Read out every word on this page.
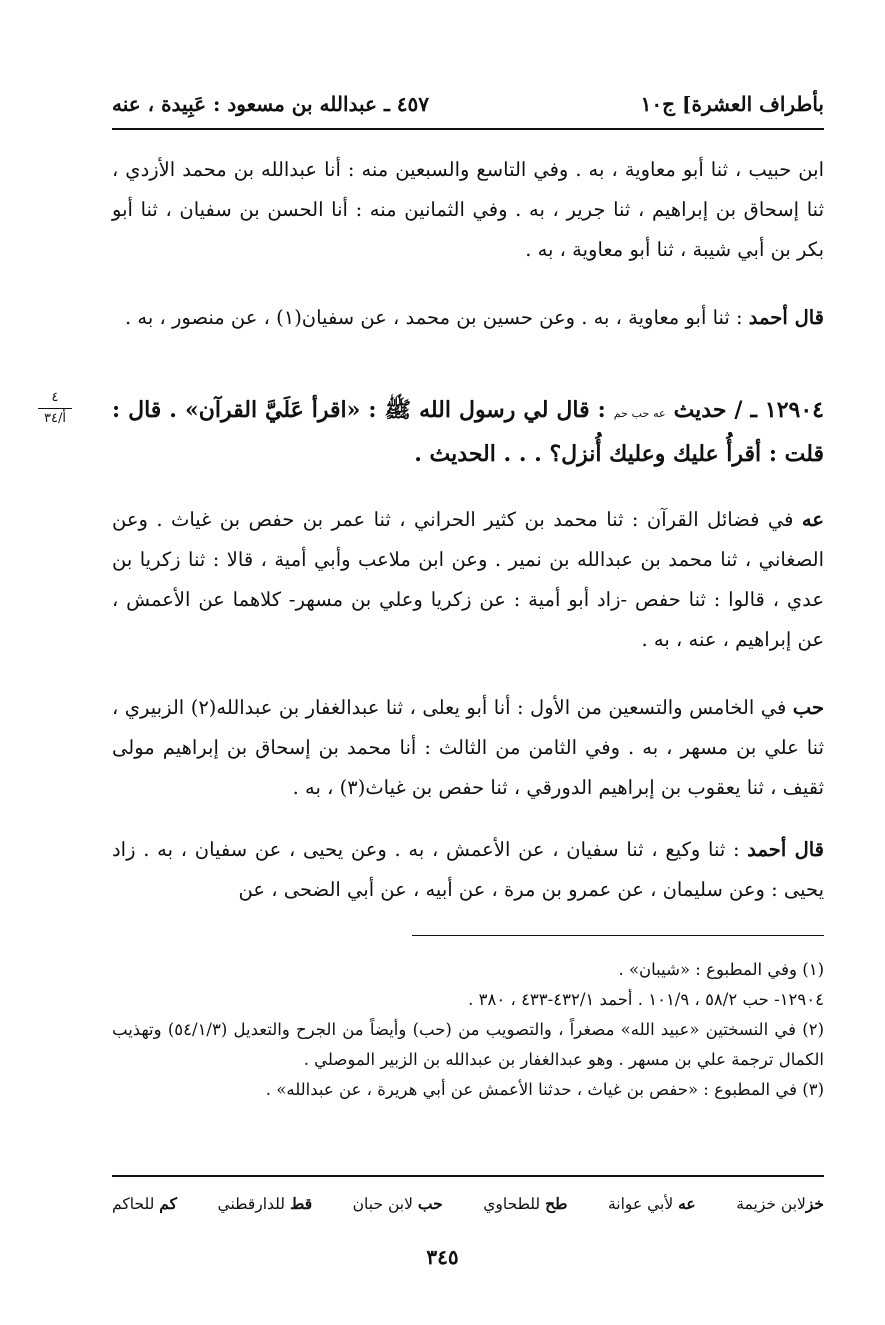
بأطراف العشرة] ج١٠
٤٥٧ ـ عبدالله بن مسعود : عَبِيدة ، عنه
ابن حبيب ، ثنا أبو معاوية ، به . وفي التاسع والسبعين منه : أنا عبدالله بن محمد الأزدي ، ثنا إسحاق بن إبراهيم ، ثنا جرير ، به . وفي الثمانين منه : أنا الحسن بن سفيان ، ثنا أبو بكر بن أبي شيبة ، ثنا أبو معاوية ، به .
قال أحمد : ثنا أبو معاوية ، به . وعن حسين بن محمد ، عن سفيان(١) ، عن منصور ، به .
٤
أ/٣٤	١٢٩٠٤ ـ / حديث عه حب حم : قال لي رسول الله ﷺ : «اقرأ عَلَيَّ القرآن» . قال : قلت : أقرأُ عليك وعليك أُنزل؟ . . . الحديث .
عه في فضائل القرآن : ثنا محمد بن كثير الحراني ، ثنا عمر بن حفص بن غياث . وعن الصغاني ، ثنا محمد بن عبدالله بن نمير . وعن ابن ملاعب وأبي أمية ، قالا : ثنا زكريا بن عدي ، قالوا : ثنا حفص -زاد أبو أمية : عن زكريا وعلي بن مسهر- كلاهما عن الأعمش ، عن إبراهيم ، عنه ، به .
حب في الخامس والتسعين من الأول : أنا أبو يعلى ، ثنا عبدالغفار بن عبدالله(٢) الزبيري ، ثنا علي بن مسهر ، به . وفي الثامن من الثالث : أنا محمد بن إسحاق بن إبراهيم مولى ثقيف ، ثنا يعقوب بن إبراهيم الدورقي ، ثنا حفص بن غياث(٣) ، به .
قال أحمد : ثنا وكيع ، ثنا سفيان ، عن الأعمش ، به . وعن يحيى ، عن سفيان ، به . زاد يحيى : وعن سليمان ، عن عمرو بن مرة ، عن أبيه ، عن أبي الضحى ، عن

(١) وفي المطبوع : «شيبان» .

١٢٩٠٤- حب ٥٨/٢ ، ١٠١/٩ . أحمد ٤٣٢/١-٤٣٣ ، ٣٨٠ .

(٢) في النسختين «عبيد الله» مصغراً ، والتصويب من (حب) وأيضاً من الجرح والتعديل (٥٤/١/٣) وتهذيب الكمال ترجمة علي بن مسهر . وهو عبدالغفار بن عبدالله بن الزبير الموصلي .

(٣) في المطبوع : «حفص بن غياث ، حدثنا الأعمش عن أبي هريرة ، عن عبدالله» .

خزلابن خزيمة
عه لأبي عوانة
طح للطحاوي
حب لابن حبان
قط للدارقطني
كم للحاكم
٣٤٥
